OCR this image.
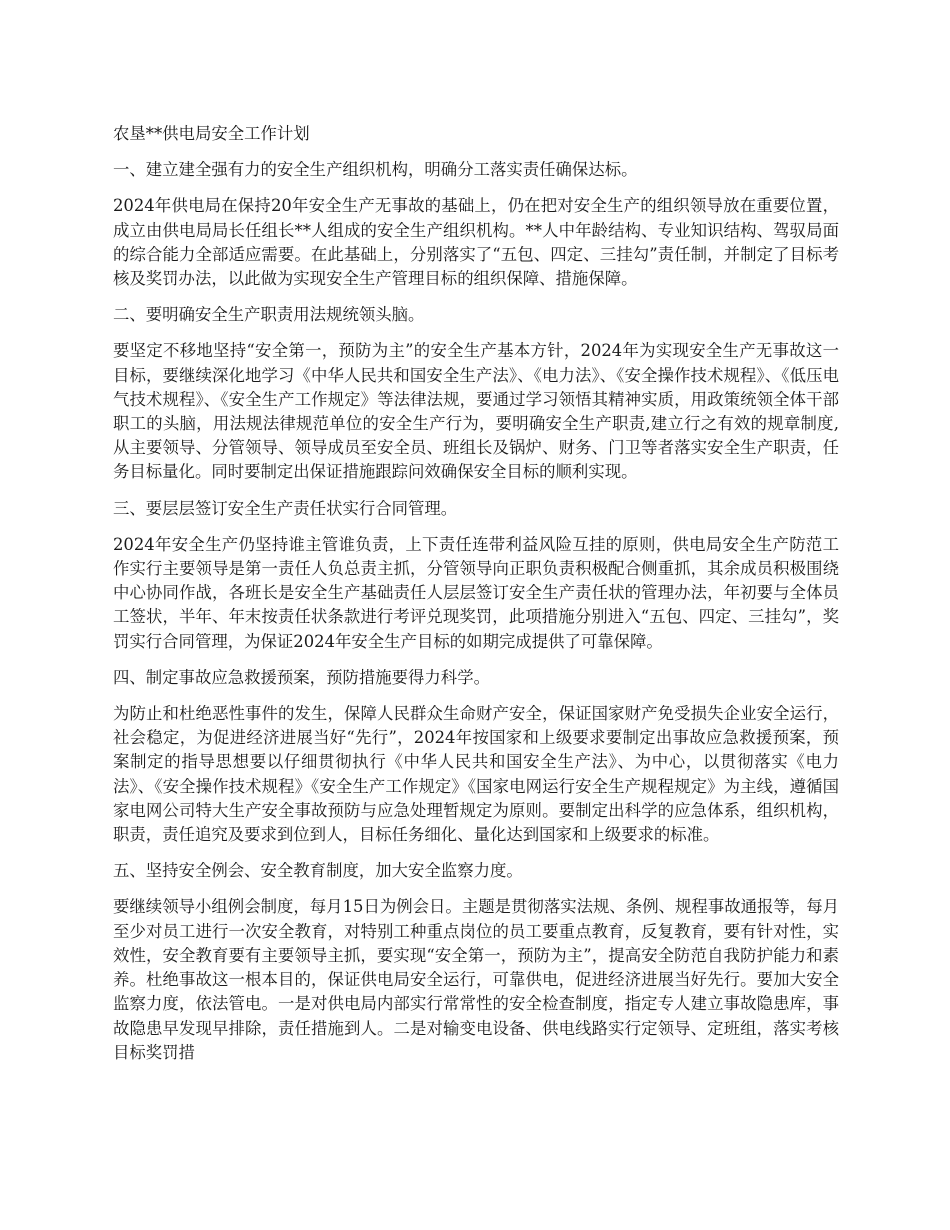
农垦**供电局安全工作计划
一、建立建全强有力的安全生产组织机构，明确分工落实责任确保达标。
2024年供电局在保持20年安全生产无事故的基础上，仍在把对安全生产的组织领导放在重要位置，成立由供电局局长任组长**人组成的安全生产组织机构。**人中年龄结构、专业知识结构、驾驭局面的综合能力全部适应需要。在此基础上，分别落实了“五包、四定、三挂勾”责任制，并制定了目标考核及奖罚办法，以此做为实现安全生产管理目标的组织保障、措施保障。
二、要明确安全生产职责用法规统领头脑。
要坚定不移地坚持“安全第一，预防为主”的安全生产基本方针，2024年为实现安全生产无事故这一目标，要继续深化地学习《中华人民共和国安全生产法》、《电力法》、《安全操作技术规程》、《低压电气技术规程》、《安全生产工作规定》等法律法规，要通过学习领悟其精神实质，用政策统领全体干部职工的头脑，用法规法律规范单位的安全生产行为，要明确安全生产职责,建立行之有效的规章制度,从主要领导、分管领导、领导成员至安全员、班组长及锅炉、财务、门卫等者落实安全生产职责，任务目标量化。同时要制定出保证措施跟踪问效确保安全目标的顺利实现。
三、要层层签订安全生产责任状实行合同管理。
2024年安全生产仍坚持谁主管谁负责，上下责任连带利益风险互挂的原则，供电局安全生产防范工作实行主要领导是第一责任人负总责主抓，分管领导向正职负责积极配合侧重抓，其余成员积极围绕中心协同作战，各班长是安全生产基础责任人层层签订安全生产责任状的管理办法，年初要与全体员工签状，半年、年末按责任状条款进行考评兑现奖罚，此项措施分别进入“五包、四定、三挂勾”，奖罚实行合同管理，为保证2024年安全生产目标的如期完成提供了可靠保障。
四、制定事故应急救援预案，预防措施要得力科学。
为防止和杜绝恶性事件的发生，保障人民群众生命财产安全，保证国家财产免受损失企业安全运行，社会稳定，为促进经济进展当好“先行”，2024年按国家和上级要求要制定出事故应急救援预案，预案制定的指导思想要以仔细贯彻执行《中华人民共和国安全生产法》、为中心，以贯彻落实《电力法》、《安全操作技术规程》《安全生产工作规定》《国家电网运行安全生产规程规定》为主线，遵循国家电网公司特大生产安全事故预防与应急处理暂规定为原则。要制定出科学的应急体系，组织机构，职责，责任追究及要求到位到人，目标任务细化、量化达到国家和上级要求的标准。
五、坚持安全例会、安全教育制度，加大安全监察力度。
要继续领导小组例会制度，每月15日为例会日。主题是贯彻落实法规、条例、规程事故通报等，每月至少对员工进行一次安全教育，对特别工种重点岗位的员工要重点教育，反复教育，要有针对性，实效性，安全教育要有主要领导主抓，要实现“安全第一，预防为主”，提高安全防范自我防护能力和素养。杜绝事故这一根本目的，保证供电局安全运行，可靠供电，促进经济进展当好先行。要加大安全监察力度，依法管电。一是对供电局内部实行常常性的安全检查制度，指定专人建立事故隐患库，事故隐患早发现早排除，责任措施到人。二是对输变电设备、供电线路实行定领导、定班组，落实考核目标奖罚措
